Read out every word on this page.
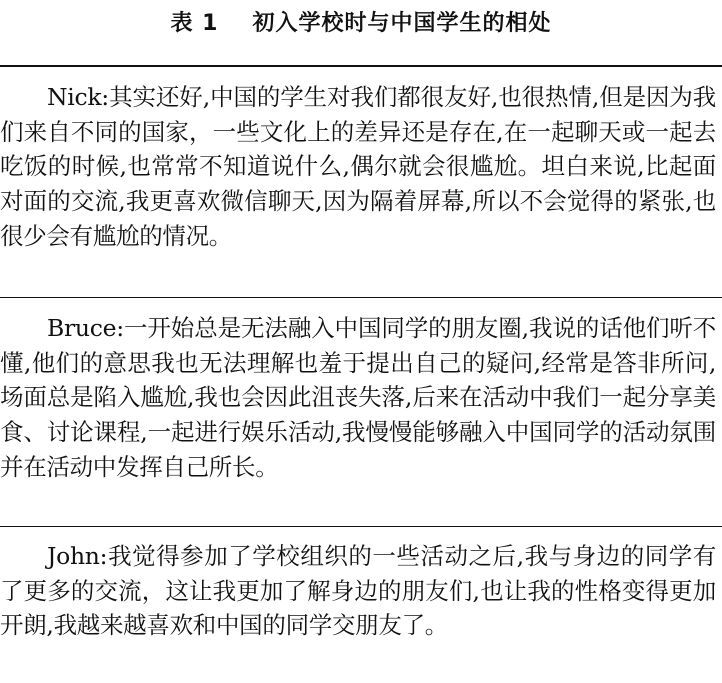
表 1 初入学校时与中国学生的相处
Nick:其实还好,中国的学生对我们都很友好,也很热情,但是因为我们来自不同的国家，一些文化上的差异还是存在,在一起聊天或一起去吃饭的时候,也常常不知道说什么,偶尔就会很尴尬。坦白来说,比起面对面的交流,我更喜欢微信聊天,因为隔着屏幕,所以不会觉得的紧张,也很少会有尴尬的情况。
Bruce:一开始总是无法融入中国同学的朋友圈,我说的话他们听不懂,他们的意思我也无法理解也羞于提出自己的疑问,经常是答非所问,场面总是陷入尴尬,我也会因此沮丧失落,后来在活动中我们一起分享美食、讨论课程,一起进行娱乐活动,我慢慢能够融入中国同学的活动氛围并在活动中发挥自己所长。
John:我觉得参加了学校组织的一些活动之后,我与身边的同学有了更多的交流，这让我更加了解身边的朋友们,也让我的性格变得更加开朗,我越来越喜欢和中国的同学交朋友了。
